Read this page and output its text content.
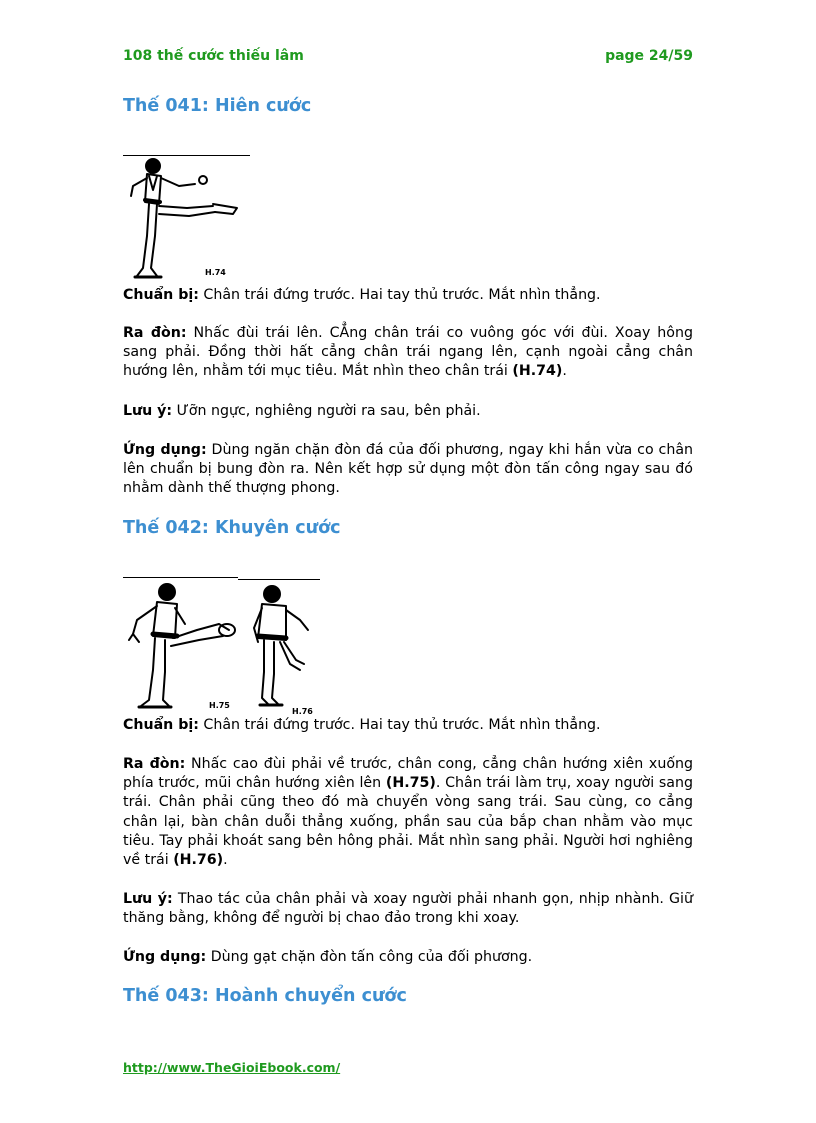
108 thế cước thiếu lâm	page 24/59
Thế 041: Hiên cước
H.74

Chuẩn bị: Chân trái đứng trước. Hai tay thủ trước. Mắt nhìn thẳng.

Ra đòn: Nhấc đùi trái lên. CẲng chân trái co vuông góc với đùi. Xoay hông sang phải. Đồng thời hất cẳng chân trái ngang lên, cạnh ngoài cẳng chân hướng lên, nhằm tới mục tiêu. Mắt nhìn theo chân trái (H.74).

Lưu ý: Ưỡn ngực, nghiêng người ra sau, bên phải.

Ứng dụng: Dùng ngăn chặn đòn đá của đối phương, ngay khi hắn vừa co chân lên chuẩn bị bung đòn ra. Nên kết hợp sử dụng một đòn tấn công ngay sau đó nhằm dành thế thượng phong.

Thế 042: Khuyên cước
H.75
H.76

Chuẩn bị: Chân trái đứng trước. Hai tay thủ trước. Mắt nhìn thẳng.

Ra đòn: Nhấc cao đùi phải về trước, chân cong, cẳng chân hướng xiên xuống phía trước, mũi chân hướng xiên lên (H.75). Chân trái làm trụ, xoay người sang trái. Chân phải cũng theo đó mà chuyển vòng sang trái. Sau cùng, co cẳng chân lại, bàn chân duỗi thẳng xuống, phần sau của bắp chan nhằm vào mục tiêu. Tay phải khoát sang bên hông phải. Mắt nhìn sang phải. Người hơi nghiêng về trái (H.76).

Lưu ý: Thao tác của chân phải và xoay người phải nhanh gọn, nhịp nhành. Giữ thăng bằng, không để người bị chao đảo trong khi xoay.

Ứng dụng: Dùng gạt chặn đòn tấn công của đối phương.

Thế 043: Hoành chuyển cước
http://www.TheGioiEbook.com/
